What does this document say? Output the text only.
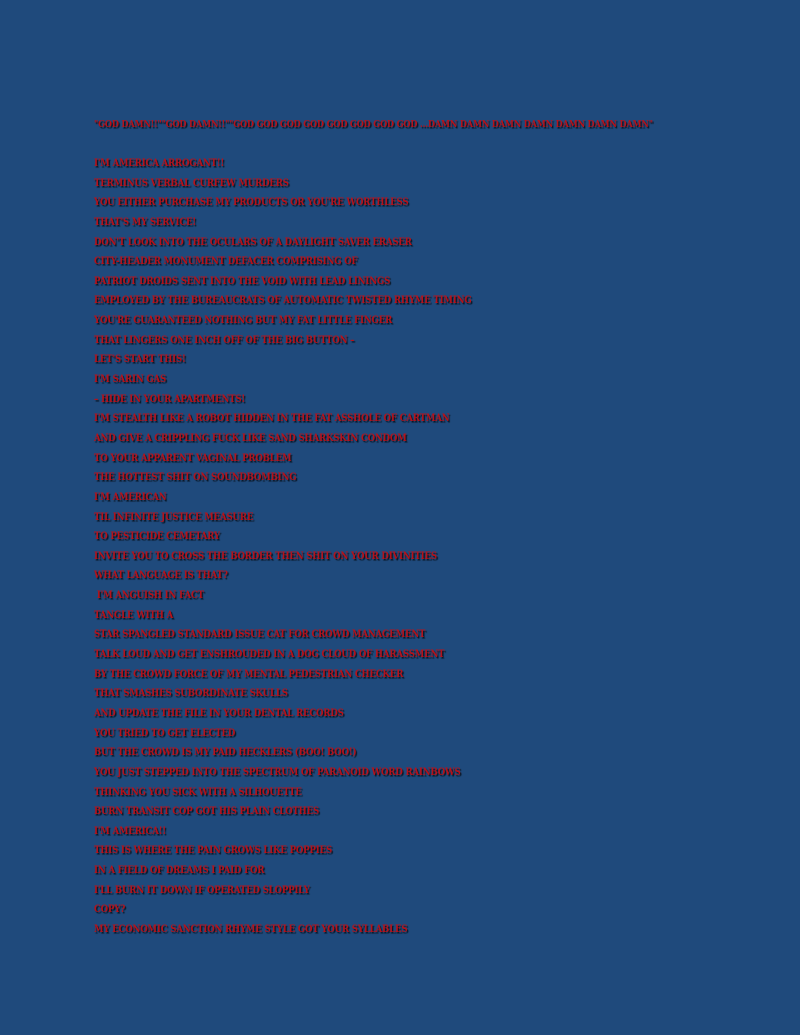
"GOD DAMN!!""GOD DAMN!!""GOD GOD GOD GOD GOD GOD GOD GOD ...DAMN DAMN DAMN DAMN DAMN DAMN DAMN"
I'M AMERICA ARROGANT!!
TERMINUS VERBAL CURFEW MURDERS
YOU EITHER PURCHASE MY PRODUCTS OR YOU'RE WORTHLESS
THAT'S MY SERVICE!
DON'T LOOK INTO THE OCULARS OF A DAYLIGHT SAVER ERASER
CITY-HEADER MONUMENT DEFACER COMPRISING OF
PATRIOT DROIDS SENT INTO THE VOID WITH LEAD LININGS
EMPLOYED BY THE BUREAUCRATS OF AUTOMATIC TWISTED RHYME TIMING
YOU'RE GUARANTEED NOTHING BUT MY FAT LITTLE FINGER
THAT LINGERS ONE INCH OFF OF THE BIG BUTTON –
LET'S START THIS!
I'M SARIN GAS
– HIDE IN YOUR APARTMENTS!
I'M STEALTH LIKE A ROBOT HIDDEN IN THE FAT ASSHOLE OF CARTMAN
AND GIVE A CRIPPLING FUCK LIKE SAND SHARKSKIN CONDOM
TO YOUR APPARENT VAGINAL PROBLEM
THE HOTTEST SHIT ON SOUNDBOMBING
I'M AMERICAN
TIL INFINITE JUSTICE MEASURE
TO PESTICIDE CEMETARY
INVITE YOU TO CROSS THE BORDER THEN SHIT ON YOUR DIVINITIES
WHAT LANGUAGE IS THAT?
I'M ANGUISH IN FACT
TANGLE WITH A
STAR SPANGLED STANDARD ISSUE CAT FOR CROWD MANAGEMENT
TALK LOUD AND GET ENSHROUDED IN A DOG CLOUD OF HARASSMENT
BY THE CROWD FORCE OF MY MENTAL PEDESTRIAN CHECKER
THAT SMASHES SUBORDINATE SKULLS
AND UPDATE THE FILE IN YOUR DENTAL RECORDS
YOU TRIED TO GET ELECTED
BUT THE CROWD IS MY PAID HECKLERS (BOO! BOO!)
YOU JUST STEPPED INTO THE SPECTRUM OF PARANOID WORD RAINBOWS
THINKING YOU SICK WITH A SILHOUETTE
BURN TRANSIT COP GOT HIS PLAIN CLOTHES
I'M AMERICA!!
THIS IS WHERE THE PAIN GROWS LIKE POPPIES
IN A FIELD OF DREAMS I PAID FOR
I'LL BURN IT DOWN IF OPERATED SLOPPILY
COPY?
MY ECONOMIC SANCTION RHYME STYLE GOT YOUR SYLLABLES
